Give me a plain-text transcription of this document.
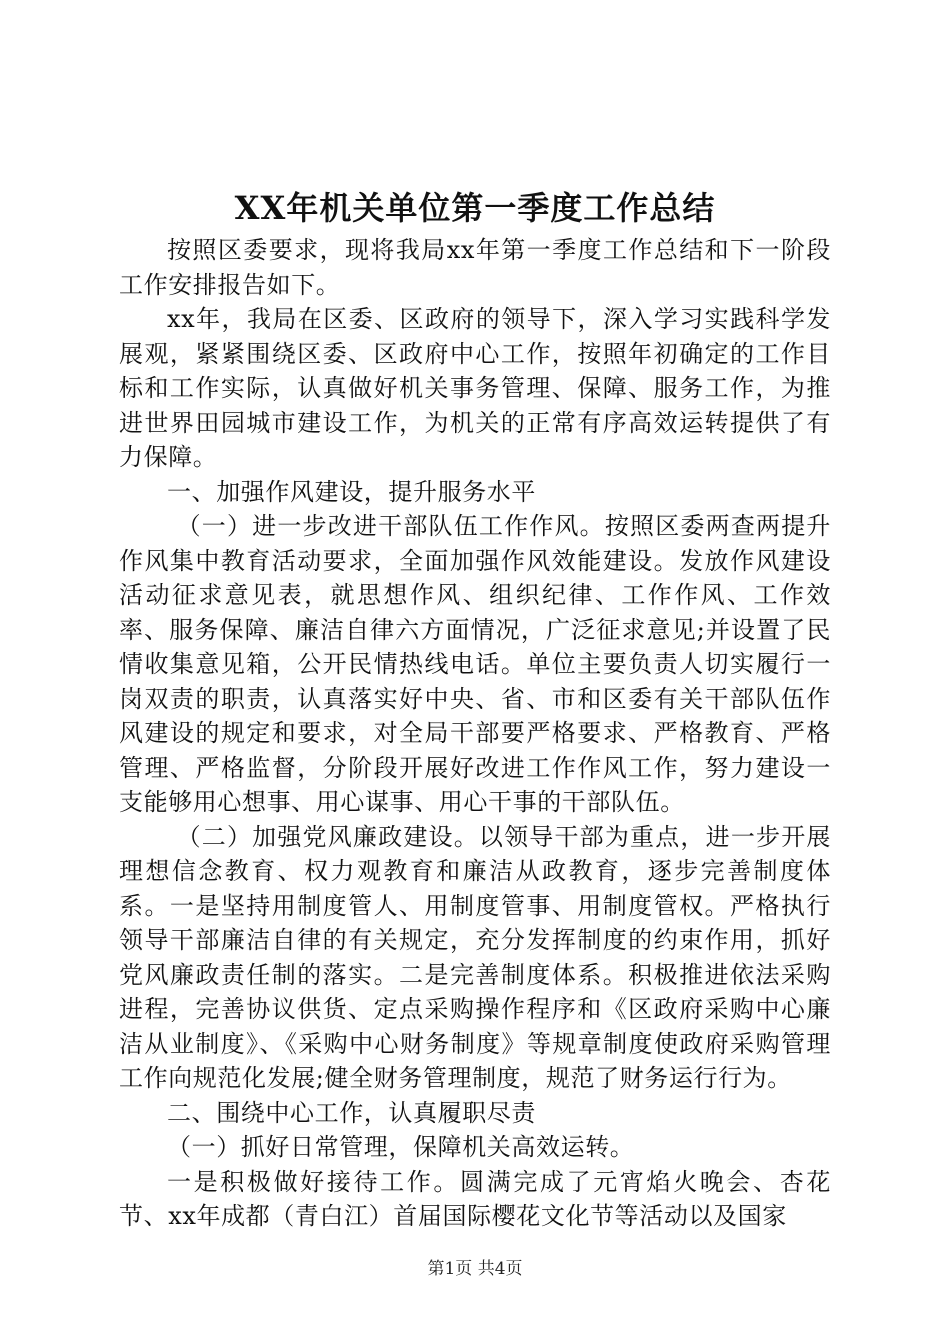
XX年机关单位第一季度工作总结

按照区委要求，现将我局xx年第一季度工作总结和下一阶段工作安排报告如下。

xx年，我局在区委、区政府的领导下，深入学习实践科学发展观，紧紧围绕区委、区政府中心工作，按照年初确定的工作目标和工作实际，认真做好机关事务管理、保障、服务工作，为推进世界田园城市建设工作，为机关的正常有序高效运转提供了有力保障。

一、加强作风建设，提升服务水平

（一）进一步改进干部队伍工作作风。按照区委两查两提升作风集中教育活动要求，全面加强作风效能建设。发放作风建设活动征求意见表，就思想作风、组织纪律、工作作风、工作效率、服务保障、廉洁自律六方面情况，广泛征求意见;并设置了民情收集意见箱，公开民情热线电话。单位主要负责人切实履行一岗双责的职责，认真落实好中央、省、市和区委有关干部队伍作风建设的规定和要求，对全局干部要严格要求、严格教育、严格管理、严格监督，分阶段开展好改进工作作风工作，努力建设一支能够用心想事、用心谋事、用心干事的干部队伍。

（二）加强党风廉政建设。以领导干部为重点，进一步开展理想信念教育、权力观教育和廉洁从政教育，逐步完善制度体系。一是坚持用制度管人、用制度管事、用制度管权。严格执行领导干部廉洁自律的有关规定，充分发挥制度的约束作用，抓好党风廉政责任制的落实。二是完善制度体系。积极推进依法采购进程，完善协议供货、定点采购操作程序和《区政府采购中心廉洁从业制度》、《采购中心财务制度》等规章制度使政府采购管理工作向规范化发展;健全财务管理制度，规范了财务运行行为。

二、围绕中心工作，认真履职尽责

（一）抓好日常管理，保障机关高效运转。

一是积极做好接待工作。圆满完成了元宵焰火晚会、杏花节、xx年成都（青白江）首届国际樱花文化节等活动以及国家

第1页 共4页
